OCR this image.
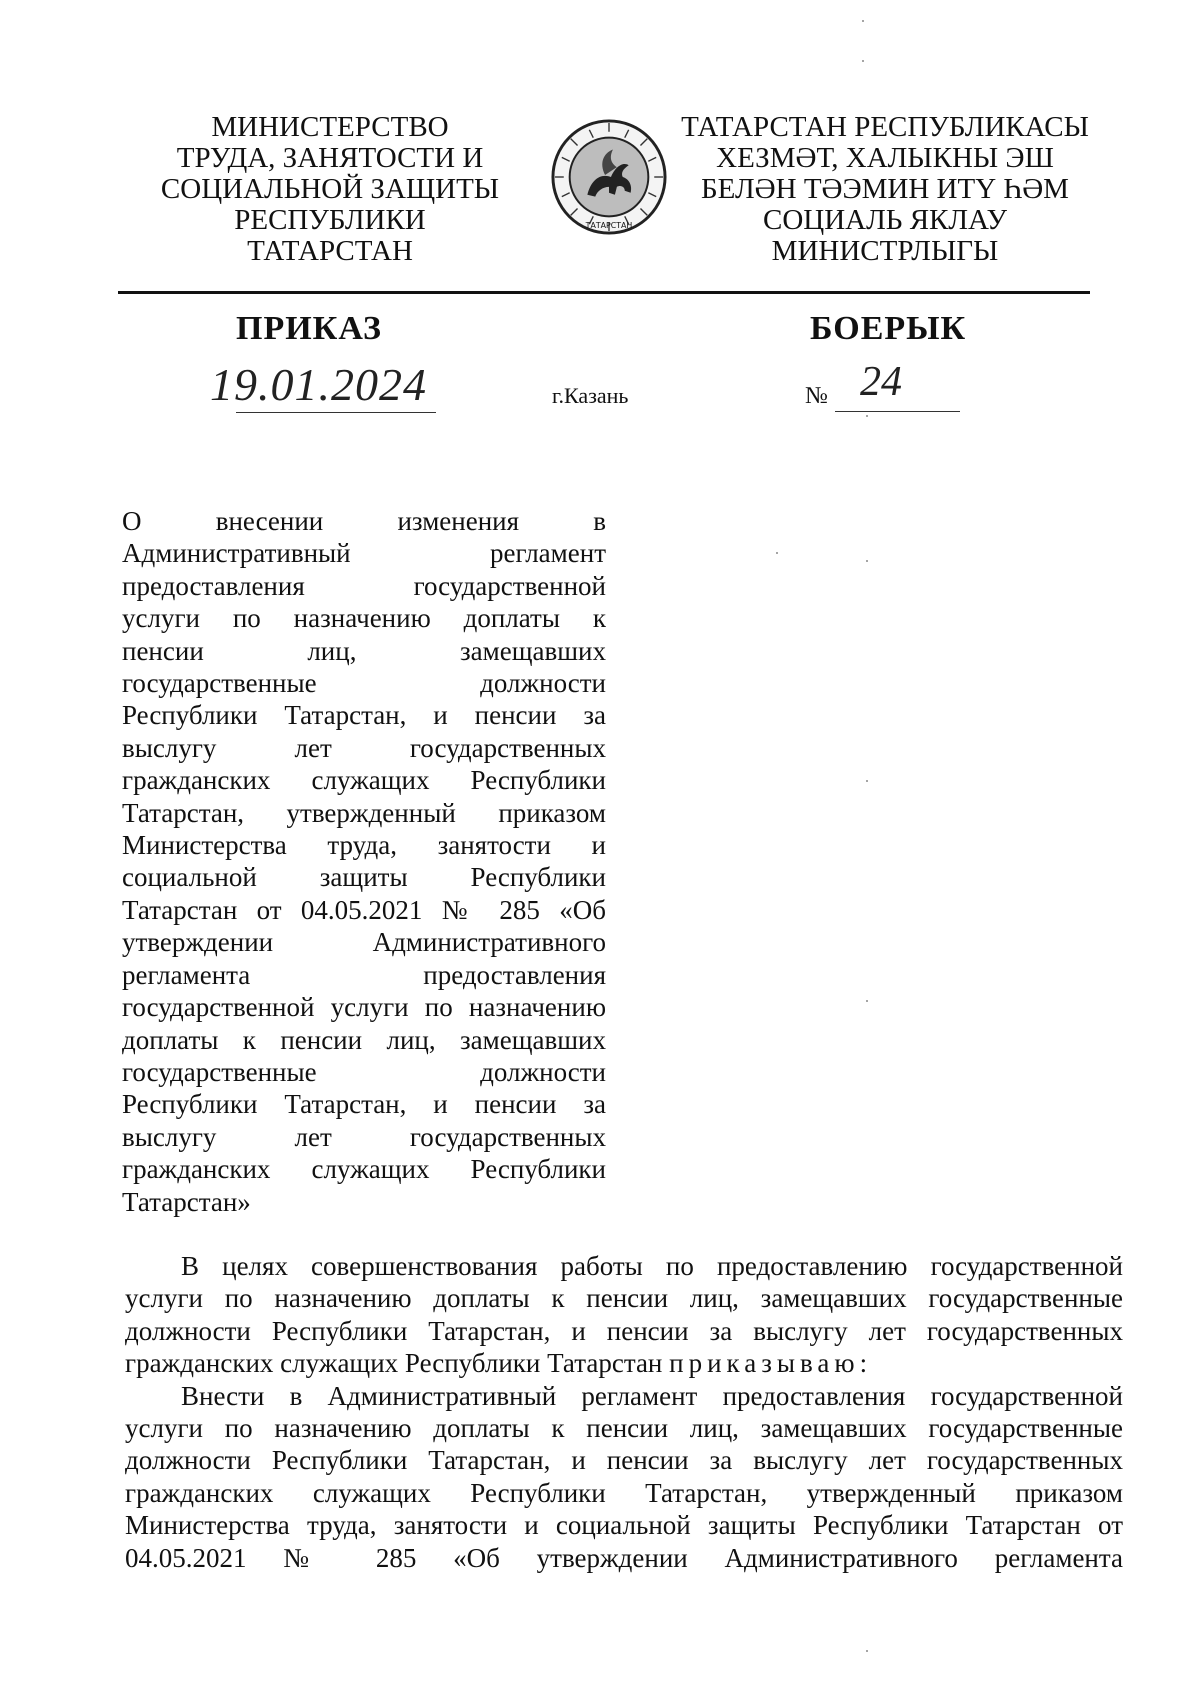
МИНИСТЕРСТВО
ТРУДА, ЗАНЯТОСТИ И
СОЦИАЛЬНОЙ ЗАЩИТЫ
РЕСПУБЛИКИ
ТАТАРСТАН
ТАТАРСТАН
ТАТАРСТАН РЕСПУБЛИКАСЫ
ХЕЗМӘТ, ХАЛЫКНЫ ЭШ
БЕЛӘН ТӘЭМИН ИТҮ ҺӘМ
СОЦИАЛЬ ЯКЛАУ
МИНИСТРЛЫГЫ
ПРИКАЗ	БОЕРЫК
19.01.2024	г.Казань	№ 24
О внесении изменения в
Административный регламент
предоставления государственной
услуги по назначению доплаты к
пенсии лиц, замещавших
государственные должности
Республики Татарстан, и пенсии за
выслугу лет государственных
гражданских служащих Республики
Татарстан, утвержденный приказом
Министерства труда, занятости и
социальной защиты Республики
Татарстан от 04.05.2021 № 285 «Об
утверждении Административного
регламента предоставления
государственной услуги по назначению
доплаты к пенсии лиц, замещавших
государственные должности
Республики Татарстан, и пенсии за
выслугу лет государственных
гражданских служащих Республики
Татарстан»
В целях совершенствования работы по предоставлению государственной
услуги по назначению доплаты к пенсии лиц, замещавших государственные
должности Республики Татарстан, и пенсии за выслугу лет государственных
гражданских служащих Республики Татарстан приказываю:
Внести в Административный регламент предоставления государственной
услуги по назначению доплаты к пенсии лиц, замещавших государственные
должности Республики Татарстан, и пенсии за выслугу лет государственных
гражданских служащих Республики Татарстан, утвержденный приказом
Министерства труда, занятости и социальной защиты Республики Татарстан от
04.05.2021 № 285 «Об утверждении Административного регламента
